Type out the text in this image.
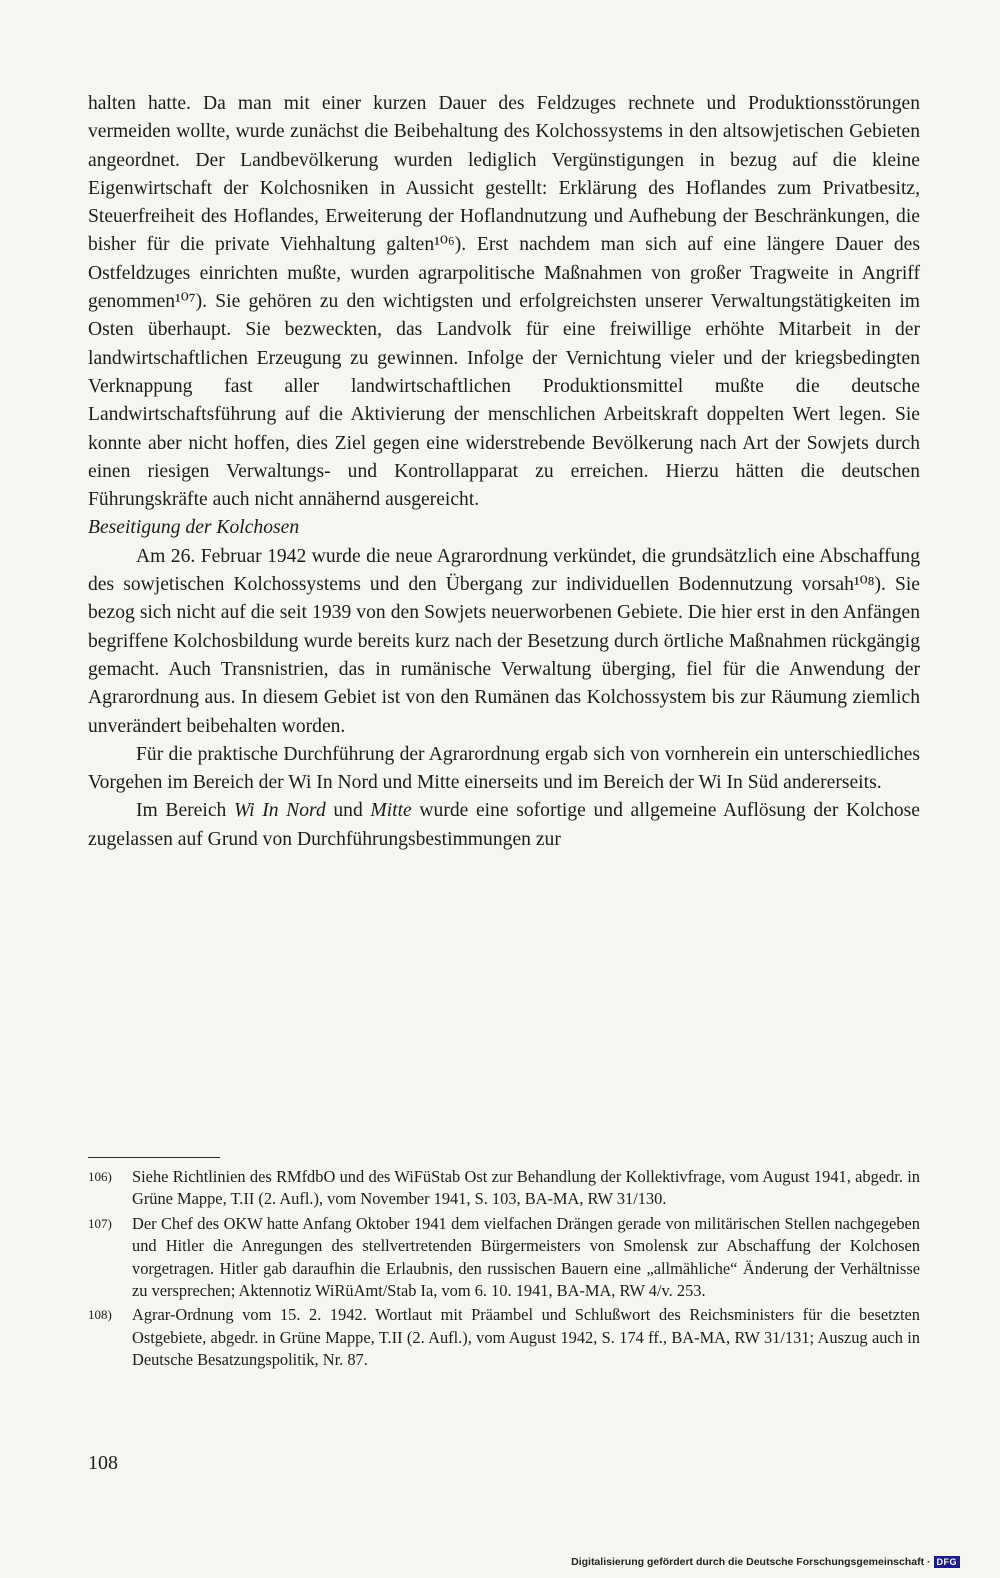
halten hatte. Da man mit einer kurzen Dauer des Feldzuges rechnete und Produktionsstörungen vermeiden wollte, wurde zunächst die Beibehaltung des Kolchossystems in den altsowjetischen Gebieten angeordnet. Der Landbevölkerung wurden lediglich Vergünstigungen in bezug auf die kleine Eigenwirtschaft der Kolchosniken in Aussicht gestellt: Erklärung des Hoflandes zum Privatbesitz, Steuerfreiheit des Hoflandes, Erweiterung der Hoflandnutzung und Aufhebung der Beschränkungen, die bisher für die private Viehhaltung galten¹⁰⁶). Erst nachdem man sich auf eine längere Dauer des Ostfeldzuges einrichten mußte, wurden agrarpolitische Maßnahmen von großer Tragweite in Angriff genommen¹⁰⁷). Sie gehören zu den wichtigsten und erfolgreichsten unserer Verwaltungstätigkeiten im Osten überhaupt. Sie bezweckten, das Landvolk für eine freiwillige erhöhte Mitarbeit in der landwirtschaftlichen Erzeugung zu gewinnen. Infolge der Vernichtung vieler und der kriegsbedingten Verknappung fast aller landwirtschaftlichen Produktionsmittel mußte die deutsche Landwirtschaftsführung auf die Aktivierung der menschlichen Arbeitskraft doppelten Wert legen. Sie konnte aber nicht hoffen, dies Ziel gegen eine widerstrebende Bevölkerung nach Art der Sowjets durch einen riesigen Verwaltungs- und Kontrollapparat zu erreichen. Hierzu hätten die deutschen Führungskräfte auch nicht annähernd ausgereicht.

Beseitigung der Kolchosen

Am 26. Februar 1942 wurde die neue Agrarordnung verkündet, die grundsätzlich eine Abschaffung des sowjetischen Kolchossystems und den Übergang zur individuellen Bodennutzung vorsah¹⁰⁸). Sie bezog sich nicht auf die seit 1939 von den Sowjets neuerworbenen Gebiete. Die hier erst in den Anfängen begriffene Kolchosbildung wurde bereits kurz nach der Besetzung durch örtliche Maßnahmen rückgängig gemacht. Auch Transnistrien, das in rumänische Verwaltung überging, fiel für die Anwendung der Agrarordnung aus. In diesem Gebiet ist von den Rumänen das Kolchossystem bis zur Räumung ziemlich unverändert beibehalten worden.

Für die praktische Durchführung der Agrarordnung ergab sich von vornherein ein unterschiedliches Vorgehen im Bereich der Wi In Nord und Mitte einerseits und im Bereich der Wi In Süd andererseits.

Im Bereich Wi In Nord und Mitte wurde eine sofortige und allgemeine Auflösung der Kolchose zugelassen auf Grund von Durchführungsbestimmungen zur

106)	Siehe Richtlinien des RMfdbO und des WiFüStab Ost zur Behandlung der Kollektivfrage, vom August 1941, abgedr. in Grüne Mappe, T.II (2. Aufl.), vom November 1941, S. 103, BA-MA, RW 31/130.
107)	Der Chef des OKW hatte Anfang Oktober 1941 dem vielfachen Drängen gerade von militärischen Stellen nachgegeben und Hitler die Anregungen des stellvertretenden Bürgermeisters von Smolensk zur Abschaffung der Kolchosen vorgetragen. Hitler gab daraufhin die Erlaubnis, den russischen Bauern eine „allmähliche“ Änderung der Verhältnisse zu versprechen; Aktennotiz WiRüAmt/Stab Ia, vom 6. 10. 1941, BA-MA, RW 4/v. 253.
108)	Agrar-Ordnung vom 15. 2. 1942. Wortlaut mit Präambel und Schlußwort des Reichsministers für die besetzten Ostgebiete, abgedr. in Grüne Mappe, T.II (2. Aufl.), vom August 1942, S. 174 ff., BA-MA, RW 31/131; Auszug auch in Deutsche Besatzungspolitik, Nr. 87.
108
Digitalisierung gefördert durch die Deutsche Forschungsgemeinschaft · DFG
